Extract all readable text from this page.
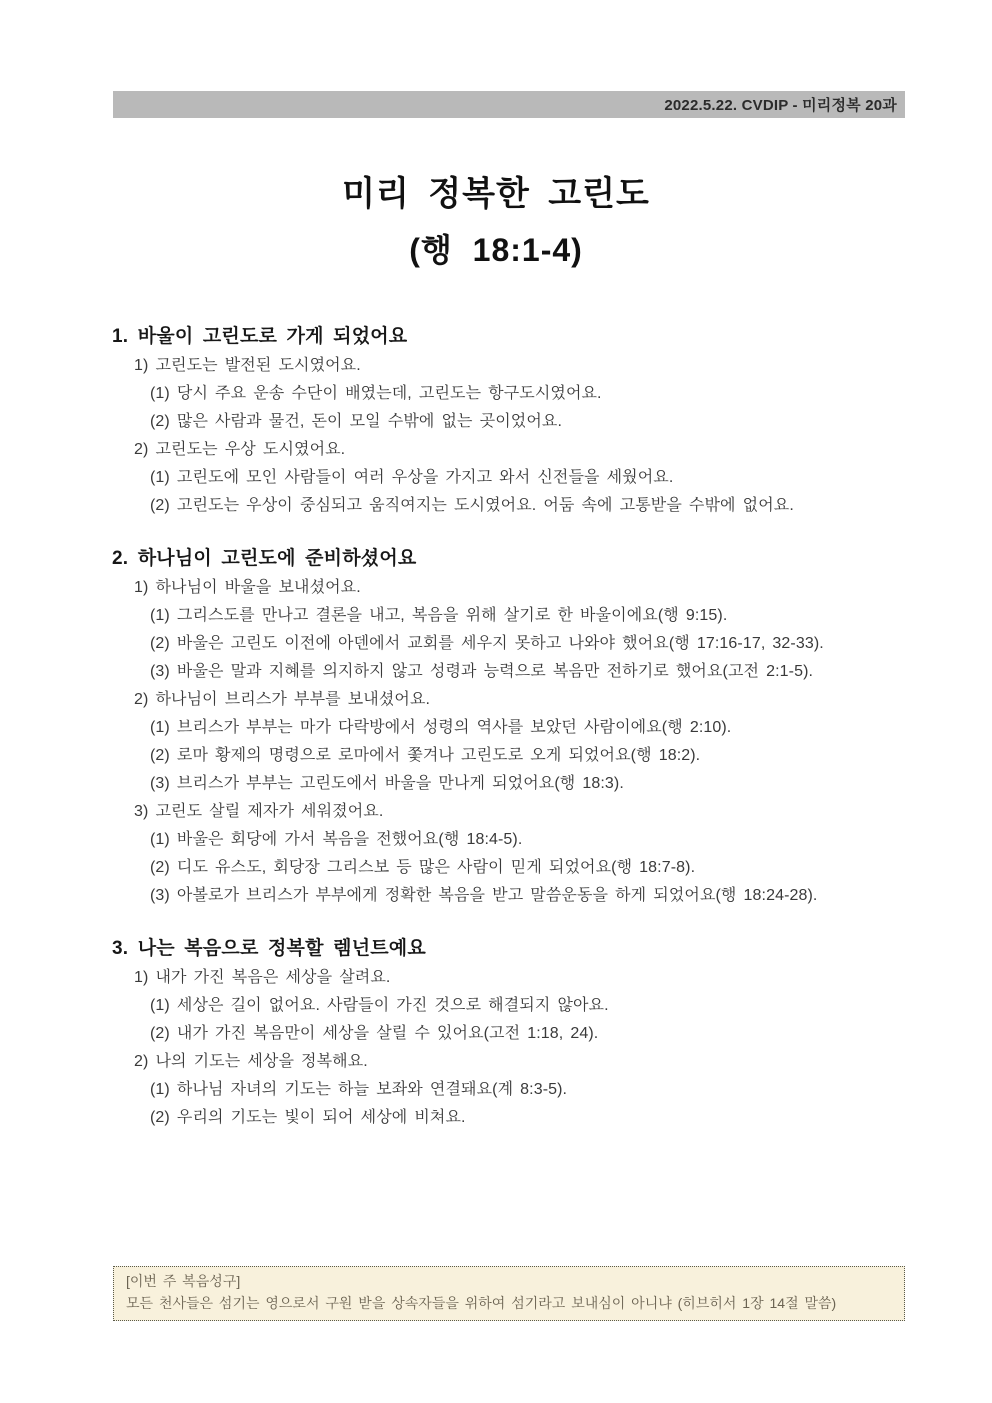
2022.5.22. CVDIP - 미리정복 20과
미리 정복한 고린도
(행 18:1-4)
1. 바울이 고린도로 가게 되었어요
1) 고린도는 발전된 도시였어요.
(1) 당시 주요 운송 수단이 배였는데, 고린도는 항구도시였어요.
(2) 많은 사람과 물건, 돈이 모일 수밖에 없는 곳이었어요.
2) 고린도는 우상 도시였어요.
(1) 고린도에 모인 사람들이 여러 우상을 가지고 와서 신전들을 세웠어요.
(2) 고린도는 우상이 중심되고 움직여지는 도시였어요. 어둠 속에 고통받을 수밖에 없어요.
2. 하나님이 고린도에 준비하셨어요
1) 하나님이 바울을 보내셨어요.
(1) 그리스도를 만나고 결론을 내고, 복음을 위해 살기로 한 바울이에요(행 9:15).
(2) 바울은 고린도 이전에 아덴에서 교회를 세우지 못하고 나와야 했어요(행 17:16-17, 32-33).
(3) 바울은 말과 지혜를 의지하지 않고 성령과 능력으로 복음만 전하기로 했어요(고전 2:1-5).
2) 하나님이 브리스가 부부를 보내셨어요.
(1) 브리스가 부부는 마가 다락방에서 성령의 역사를 보았던 사람이에요(행 2:10).
(2) 로마 황제의 명령으로 로마에서 쫓겨나 고린도로 오게 되었어요(행 18:2).
(3) 브리스가 부부는 고린도에서 바울을 만나게 되었어요(행 18:3).
3) 고린도 살릴 제자가 세워졌어요.
(1) 바울은 회당에 가서 복음을 전했어요(행 18:4-5).
(2) 디도 유스도, 회당장 그리스보 등 많은 사람이 믿게 되었어요(행 18:7-8).
(3) 아볼로가 브리스가 부부에게 정확한 복음을 받고 말씀운동을 하게 되었어요(행 18:24-28).
3. 나는 복음으로 정복할 렘넌트예요
1) 내가 가진 복음은 세상을 살려요.
(1) 세상은 길이 없어요. 사람들이 가진 것으로 해결되지 않아요.
(2) 내가 가진 복음만이 세상을 살릴 수 있어요(고전 1:18, 24).
2) 나의 기도는 세상을 정복해요.
(1) 하나님 자녀의 기도는 하늘 보좌와 연결돼요(계 8:3-5).
(2) 우리의 기도는 빛이 되어 세상에 비쳐요.
[이번 주 복음성구]
모든 천사들은 섬기는 영으로서 구원 받을 상속자들을 위하여 섬기라고 보내심이 아니냐 (히브히서 1장 14절 말씀)
